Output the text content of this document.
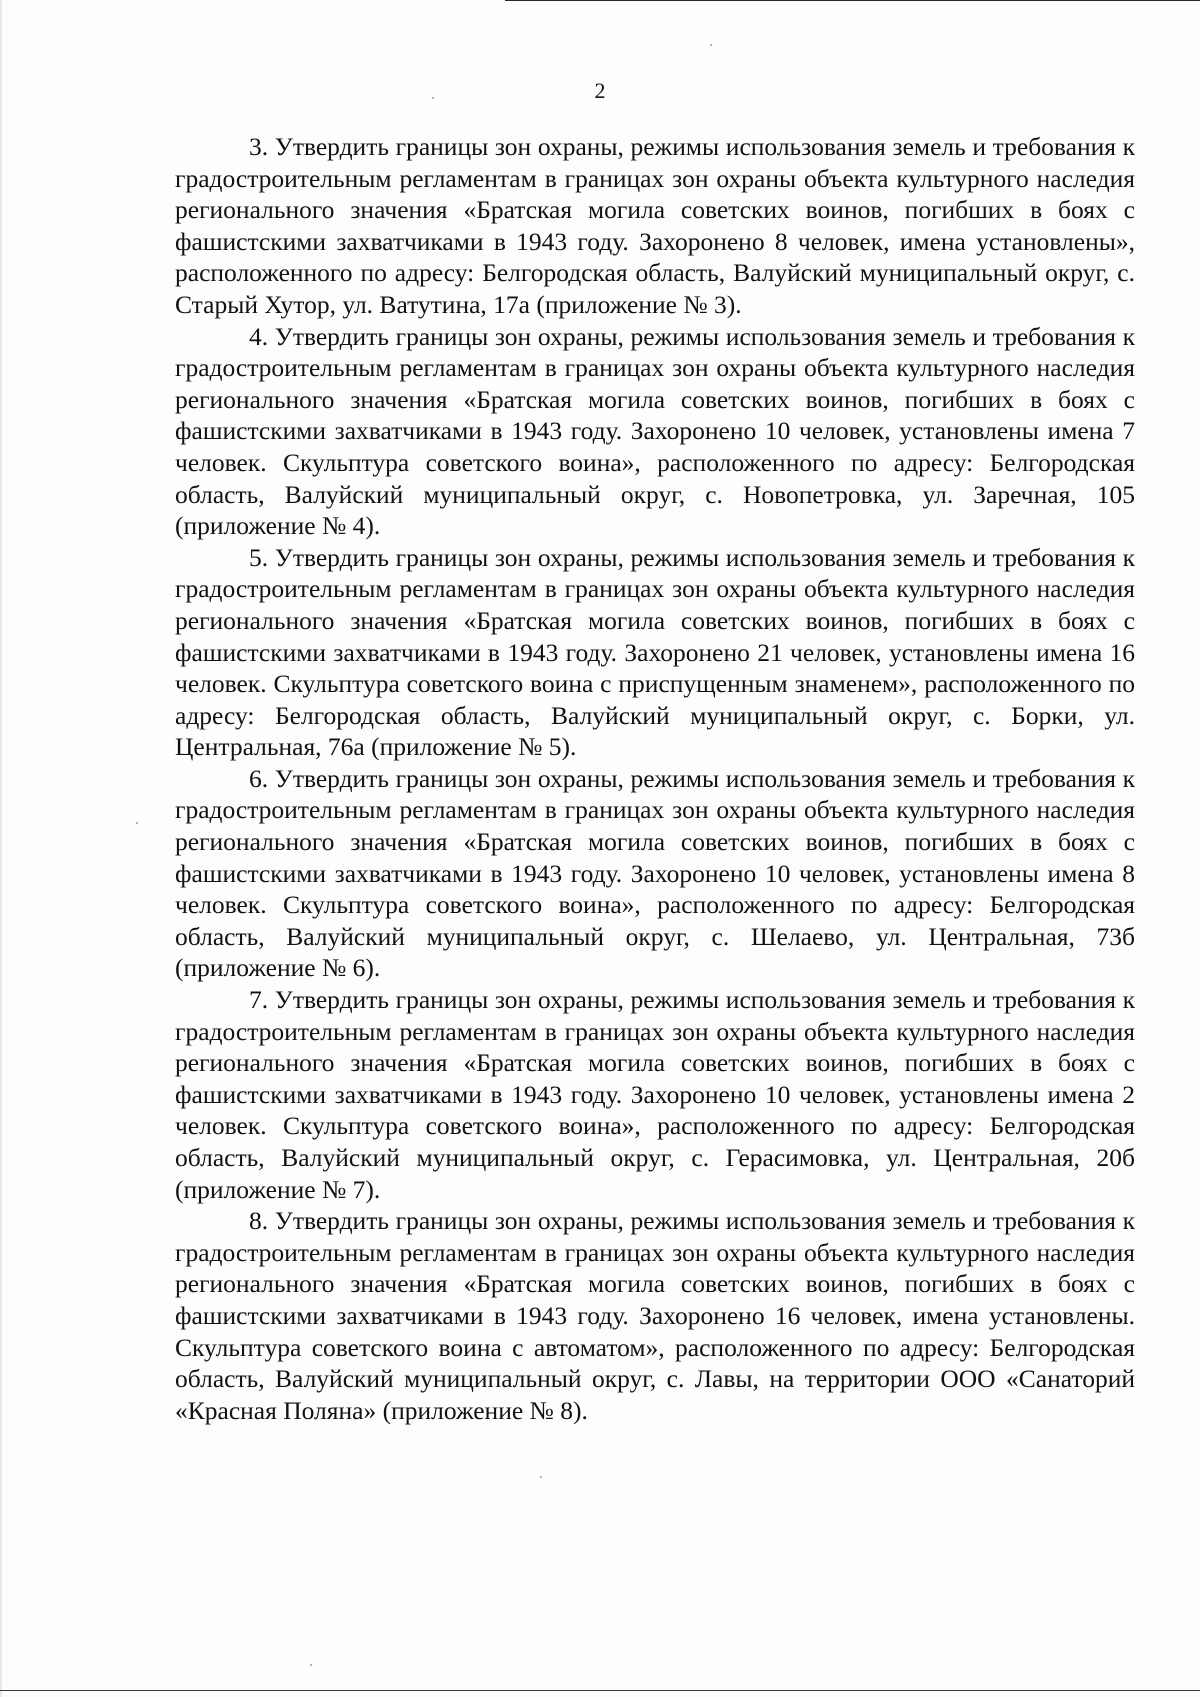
2

3. Утвердить границы зон охраны, режимы использования земель и требования к градостроительным регламентам в границах зон охраны объекта культурного наследия регионального значения «Братская могила советских воинов, погибших в боях с фашистскими захватчиками в 1943 году. Захоронено 8 человек, имена установлены», расположенного по адресу: Белгородская область, Валуйский муниципальный округ, с. Старый Хутор, ул. Ватутина, 17а (приложение № 3).

4. Утвердить границы зон охраны, режимы использования земель и требования к градостроительным регламентам в границах зон охраны объекта культурного наследия регионального значения «Братская могила советских воинов, погибших в боях с фашистскими захватчиками в 1943 году. Захоронено 10 человек, установлены имена 7 человек. Скульптура советского воина», расположенного по адресу: Белгородская область, Валуйский муниципальный округ, с. Новопетровка, ул. Заречная, 105 (приложение № 4).

5. Утвердить границы зон охраны, режимы использования земель и требования к градостроительным регламентам в границах зон охраны объекта культурного наследия регионального значения «Братская могила советских воинов, погибших в боях с фашистскими захватчиками в 1943 году. Захоронено 21 человек, установлены имена 16 человек. Скульптура советского воина с приспущенным знаменем», расположенного по адресу: Белгородская область, Валуйский муниципальный округ, с. Борки, ул. Центральная, 76а (приложение № 5).

6. Утвердить границы зон охраны, режимы использования земель и требования к градостроительным регламентам в границах зон охраны объекта культурного наследия регионального значения «Братская могила советских воинов, погибших в боях с фашистскими захватчиками в 1943 году. Захоронено 10 человек, установлены имена 8 человек. Скульптура советского воина», расположенного по адресу: Белгородская область, Валуйский муниципальный округ, с. Шелаево, ул. Центральная, 73б (приложение № 6).

7. Утвердить границы зон охраны, режимы использования земель и требования к градостроительным регламентам в границах зон охраны объекта культурного наследия регионального значения «Братская могила советских воинов, погибших в боях с фашистскими захватчиками в 1943 году. Захоронено 10 человек, установлены имена 2 человек. Скульптура советского воина», расположенного по адресу: Белгородская область, Валуйский муниципальный округ, с. Герасимовка, ул. Центральная, 20б (приложение № 7).

8. Утвердить границы зон охраны, режимы использования земель и требования к градостроительным регламентам в границах зон охраны объекта культурного наследия регионального значения «Братская могила советских воинов, погибших в боях с фашистскими захватчиками в 1943 году. Захоронено 16 человек, имена установлены. Скульптура советского воина с автоматом», расположенного по адресу: Белгородская область, Валуйский муниципальный округ, с. Лавы, на территории ООО «Санаторий «Красная Поляна» (приложение № 8).
